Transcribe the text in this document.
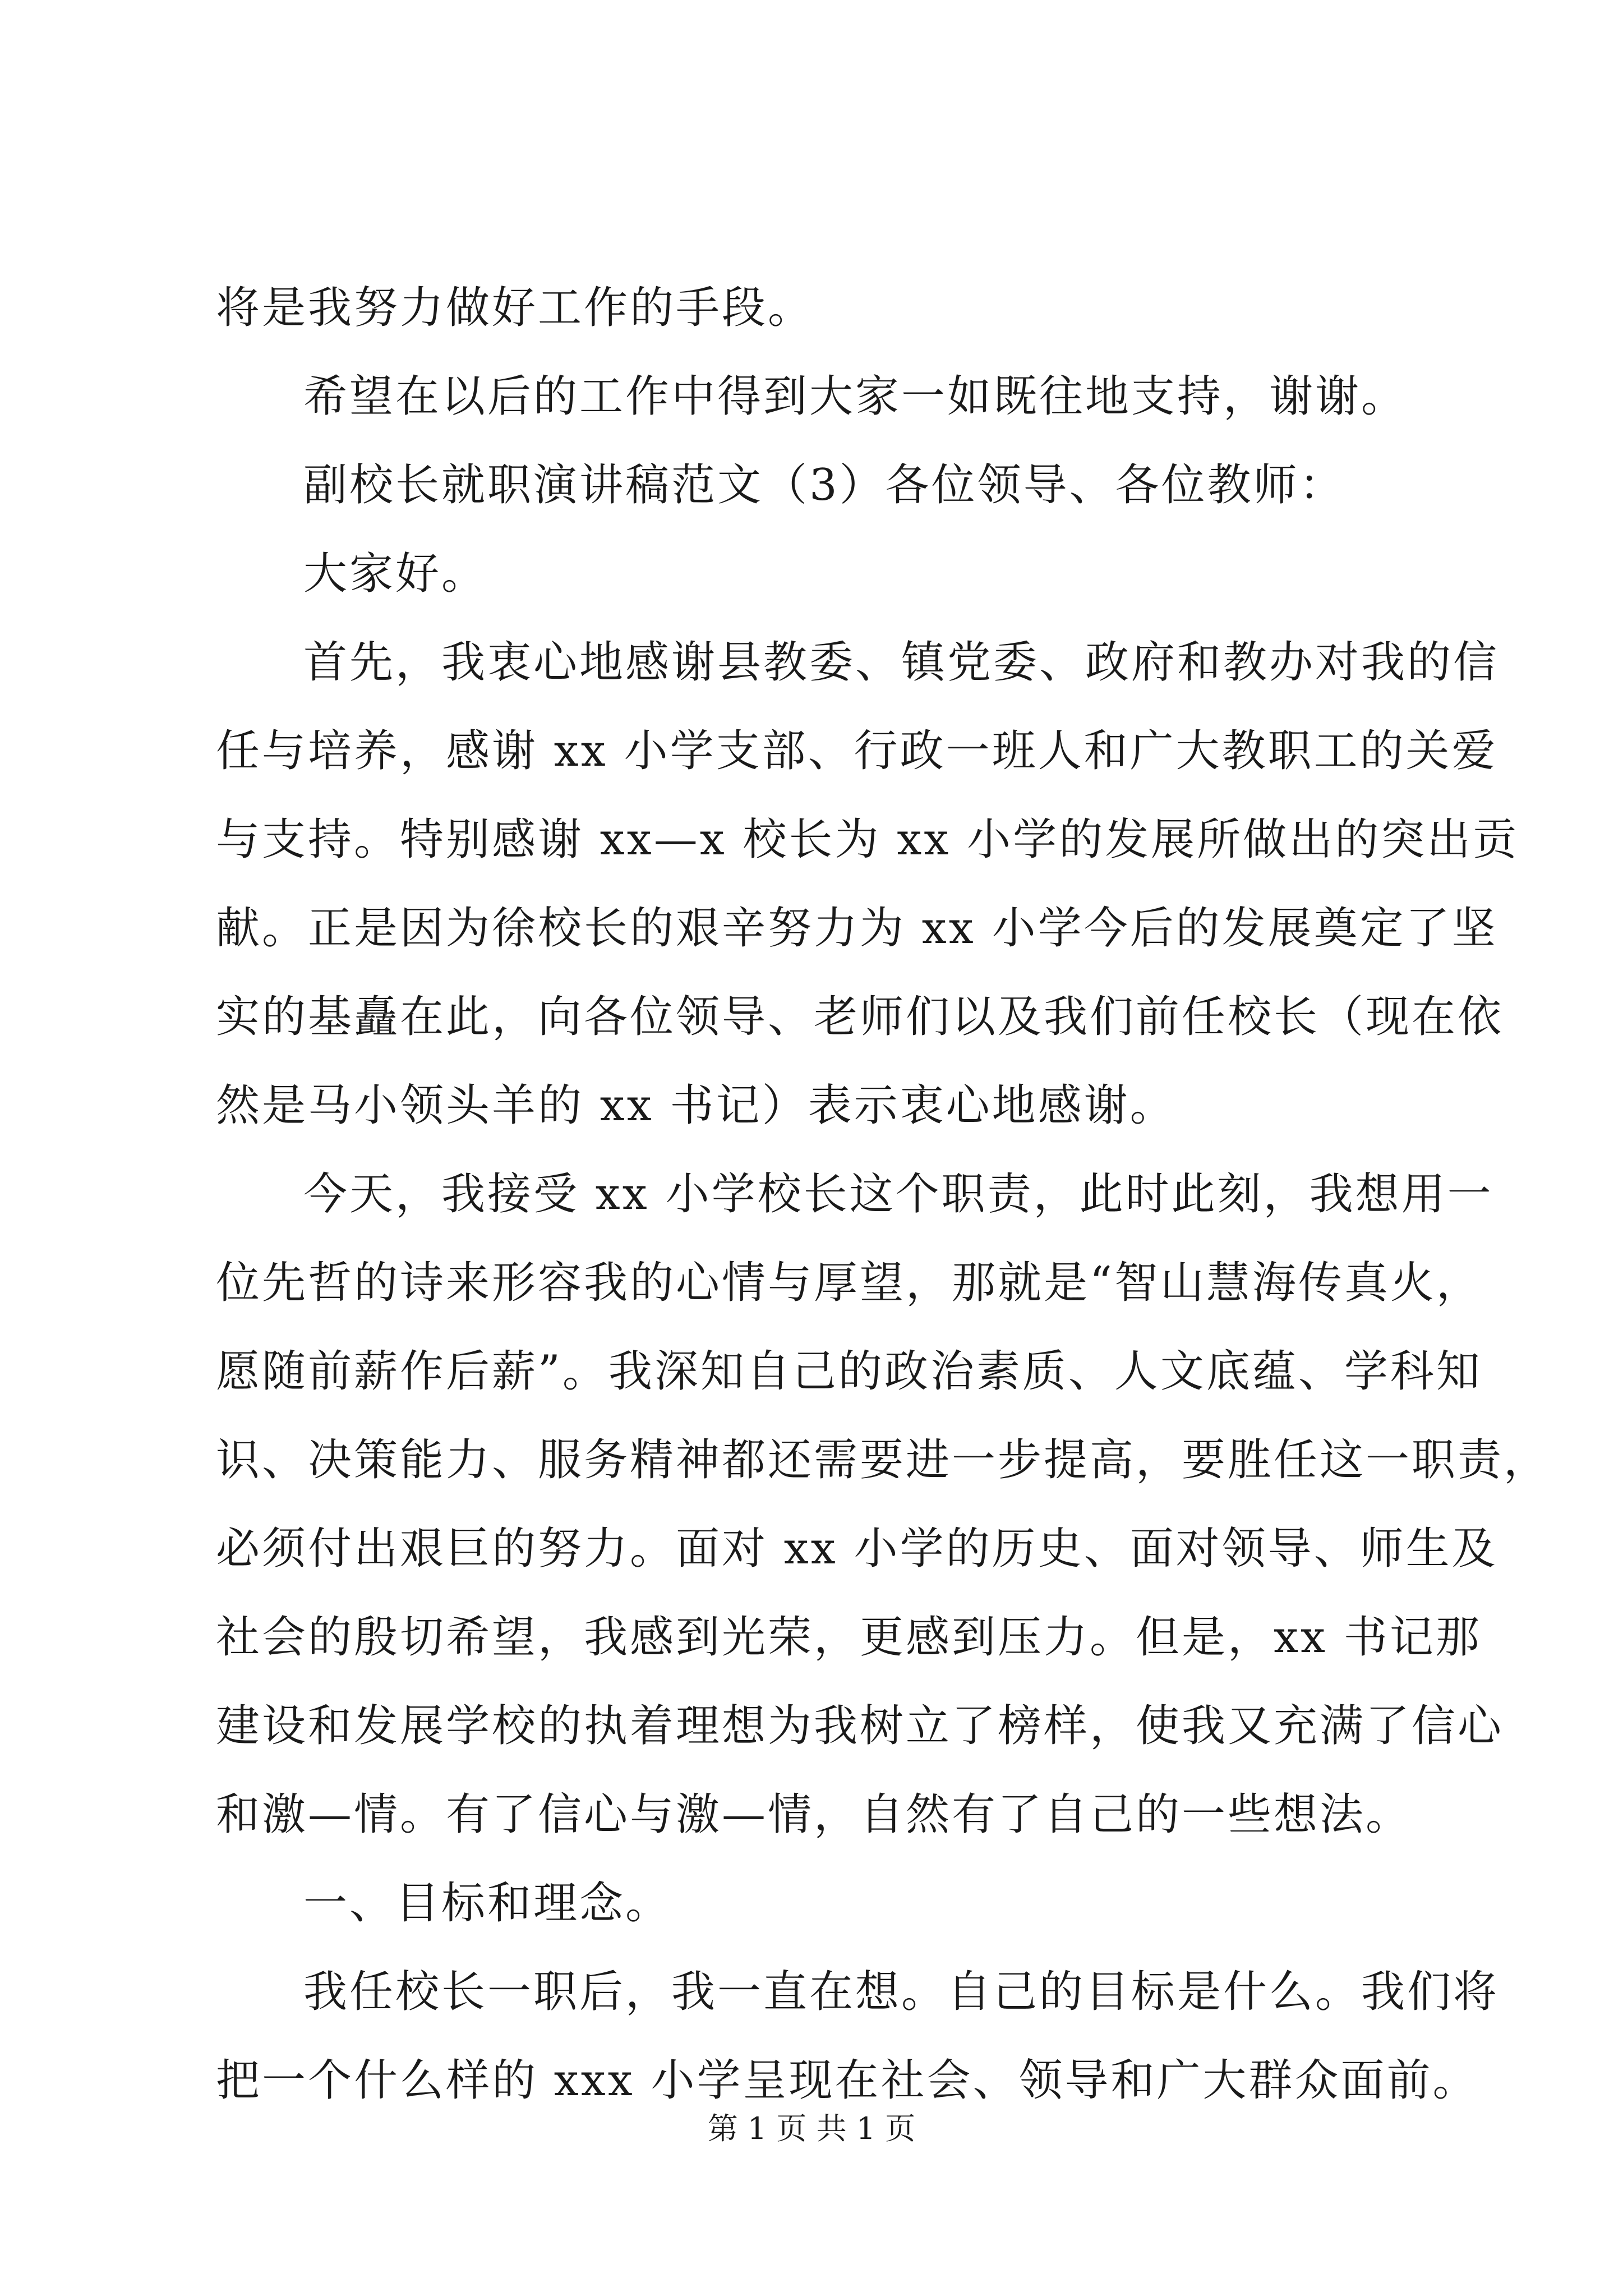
将是我努力做好工作的手段。
希望在以后的工作中得到大家一如既往地支持，谢谢。
副校长就职演讲稿范文（3）各位领导、各位教师：
大家好。
首先，我衷心地感谢县教委、镇党委、政府和教办对我的信
任与培养，感谢 xx 小学支部、行政一班人和广大教职工的关爱
与支持。特别感谢 xx—x 校长为 xx 小学的发展所做出的突出贡
献。正是因为徐校长的艰辛努力为 xx 小学今后的发展奠定了坚
实的基矗在此，向各位领导、老师们以及我们前任校长（现在依
然是马小领头羊的 xx 书记）表示衷心地感谢。
今天，我接受 xx 小学校长这个职责，此时此刻，我想用一
位先哲的诗来形容我的心情与厚望，那就是“智山慧海传真火，
愿随前薪作后薪”。我深知自己的政治素质、人文底蕴、学科知
识、决策能力、服务精神都还需要进一步提高，要胜任这一职责，
必须付出艰巨的努力。面对 xx 小学的历史、面对领导、师生及
社会的殷切希望，我感到光荣，更感到压力。但是，xx 书记那
建设和发展学校的执着理想为我树立了榜样，使我又充满了信心
和激—情。有了信心与激—情，自然有了自己的一些想法。
一、目标和理念。
我任校长一职后，我一直在想。自己的目标是什么。我们将
把一个什么样的 xxx 小学呈现在社会、领导和广大群众面前。
第 1 页 共 1 页
